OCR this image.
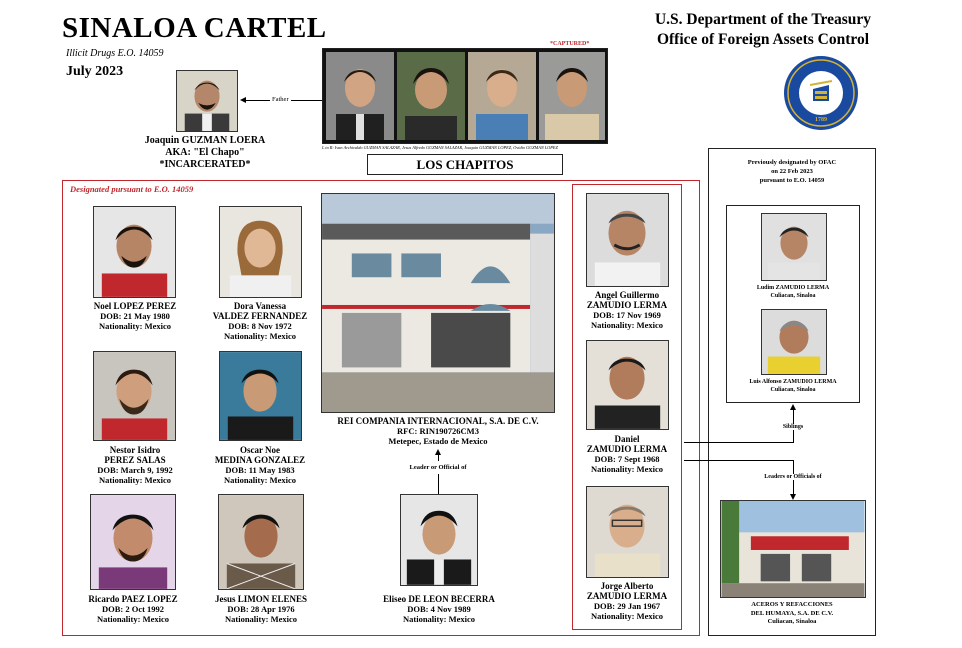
SINALOA CARTEL
Illicit Drugs E.O. 14059
July 2023
U.S. Department of the Treasury
Office of Foreign Assets Control
1789
Father
Joaquin GUZMAN LOERA
AKA: "El Chapo"
*INCARCERATED*
*CAPTURED*
L to R: Ivan Archivaldo GUZMAN SALAZAR, Jesus Alfredo GUZMAN SALAZAR, Joaquin GUZMAN LOPEZ, Ovidio GUZMAN LOPEZ
LOS CHAPITOS
Designated pursuant to E.O. 14059
Noel LOPEZ PEREZ
DOB: 21 May 1980
Nationality: Mexico
Dora Vanessa
VALDEZ FERNANDEZ
DOB: 8 Nov 1972
Nationality: Mexico
Nestor Isidro
PEREZ SALAS
DOB: March 9, 1992
Nationality: Mexico
Oscar Noe
MEDINA GONZALEZ
DOB: 11 May 1983
Nationality: Mexico
Ricardo PAEZ LOPEZ
DOB: 2 Oct 1992
Nationality: Mexico
Jesus LIMON ELENES
DOB: 28 Apr 1976
Nationality: Mexico
REI COMPANIA INTERNACIONAL, S.A. DE C.V.
RFC: RIN190726CM3
Metepec, Estado de Mexico
Leader or Official of
Eliseo DE LEON BECERRA
DOB: 4 Nov 1989
Nationality: Mexico
Angel Guillermo
ZAMUDIO LERMA
DOB: 17 Nov 1969
Nationality: Mexico
Daniel
ZAMUDIO LERMA
DOB: 7 Sept 1968
Nationality: Mexico
Jorge Alberto
ZAMUDIO LERMA
DOB: 29 Jan 1967
Nationality: Mexico
Previously designated by OFAC
on 22 Feb 2023
pursuant to E.O. 14059
Ludim ZAMUDIO LERMA
Culiacan, Sinaloa
Luis Alfonso ZAMUDIO LERMA
Culiacan, Sinaloa
Siblings
Leaders or Officials of
ACEROS Y REFACCIONES
DEL HUMAYA, S.A. DE C.V.
Culiacan, Sinaloa
